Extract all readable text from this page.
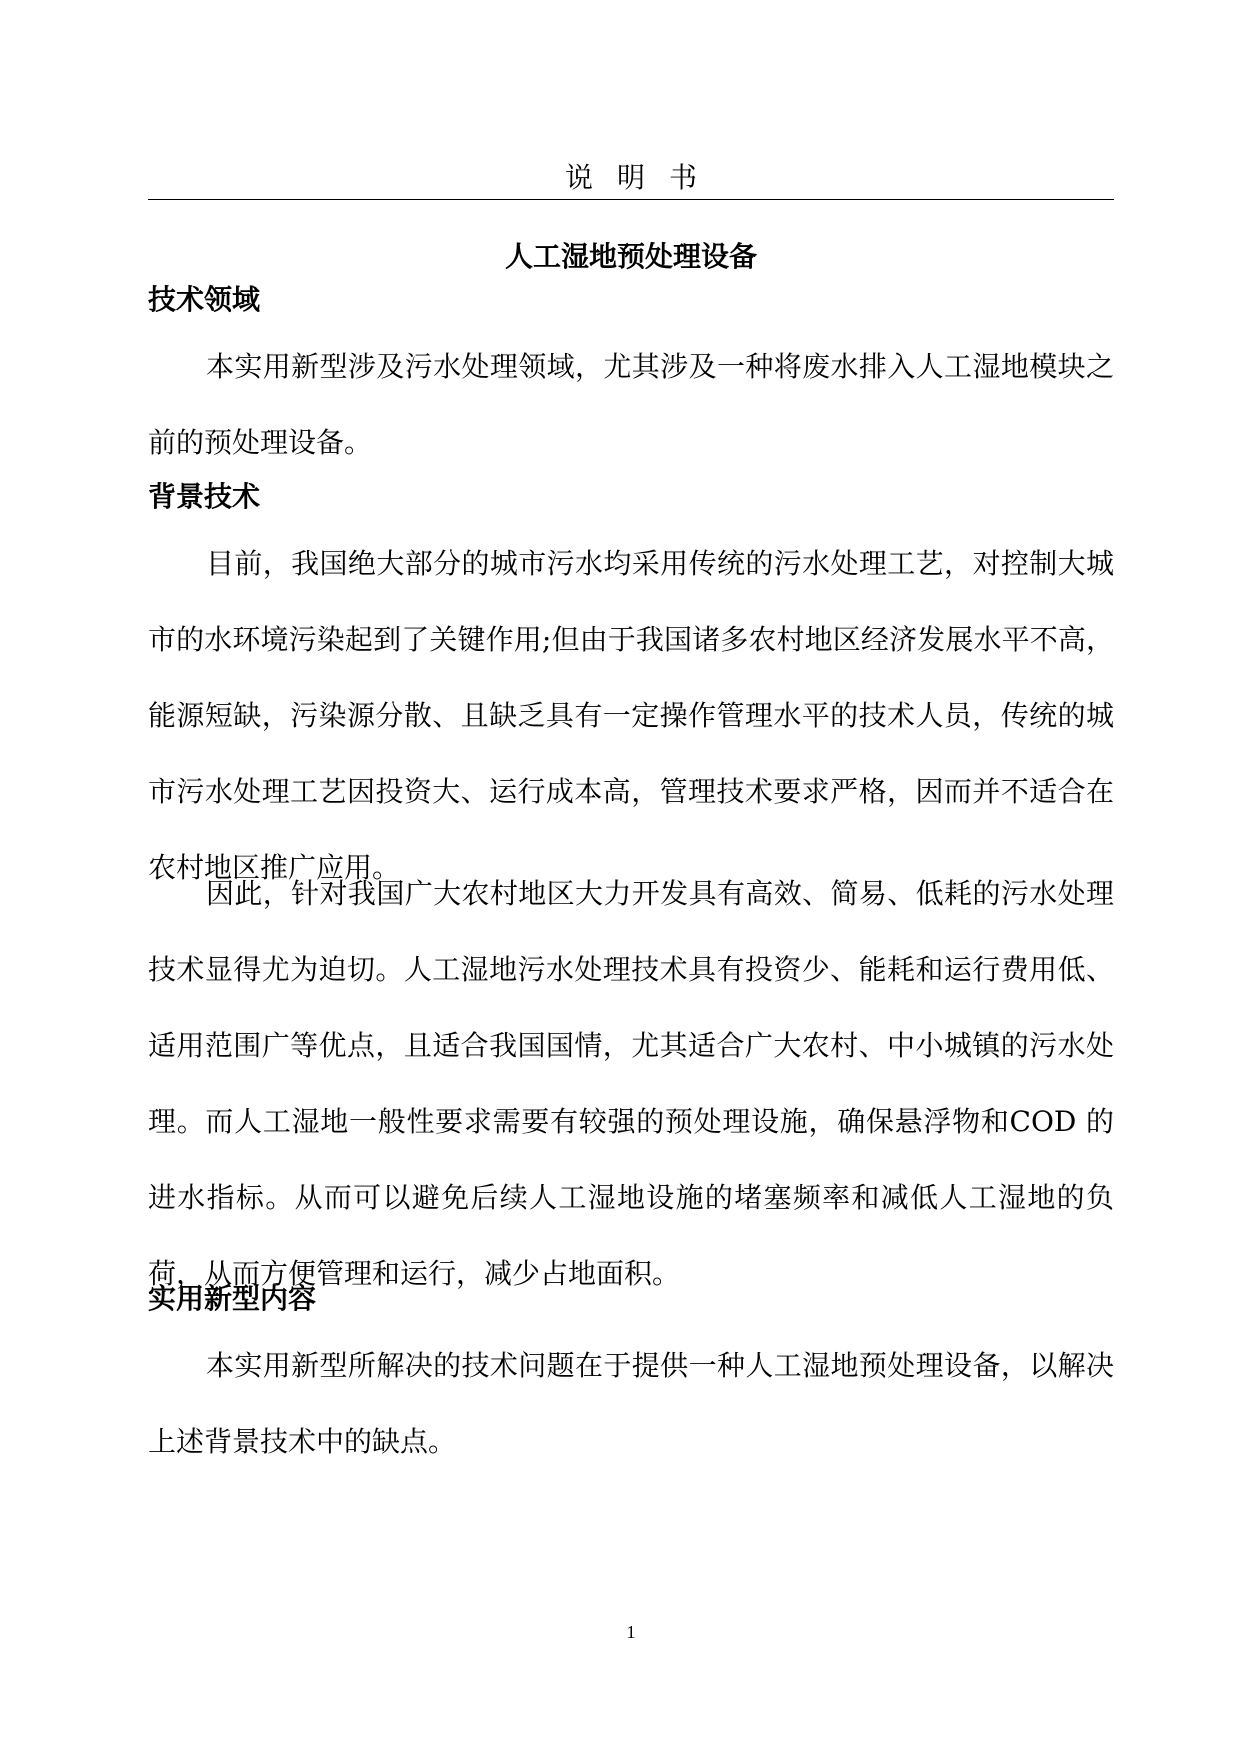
说明书
人工湿地预处理设备
技术领域

本实用新型涉及污水处理领域，尤其涉及一种将废水排入人工湿地模块之前的预处理设备。

背景技术

目前，我国绝大部分的城市污水均采用传统的污水处理工艺，对控制大城市的水环境污染起到了关键作用;但由于我国诸多农村地区经济发展水平不高，能源短缺，污染源分散、且缺乏具有一定操作管理水平的技术人员，传统的城市污水处理工艺因投资大、运行成本高，管理技术要求严格，因而并不适合在农村地区推广应用。

因此，针对我国广大农村地区大力开发具有高效、简易、低耗的污水处理技术显得尤为迫切。人工湿地污水处理技术具有投资少、能耗和运行费用低、适用范围广等优点，且适合我国国情，尤其适合广大农村、中小城镇的污水处理。而人工湿地一般性要求需要有较强的预处理设施，确保悬浮物和COD 的进水指标。从而可以避免后续人工湿地设施的堵塞频率和减低人工湿地的负荷，从而方便管理和运行，减少占地面积。

实用新型内容

本实用新型所解决的技术问题在于提供一种人工湿地预处理设备，以解决上述背景技术中的缺点。

1
